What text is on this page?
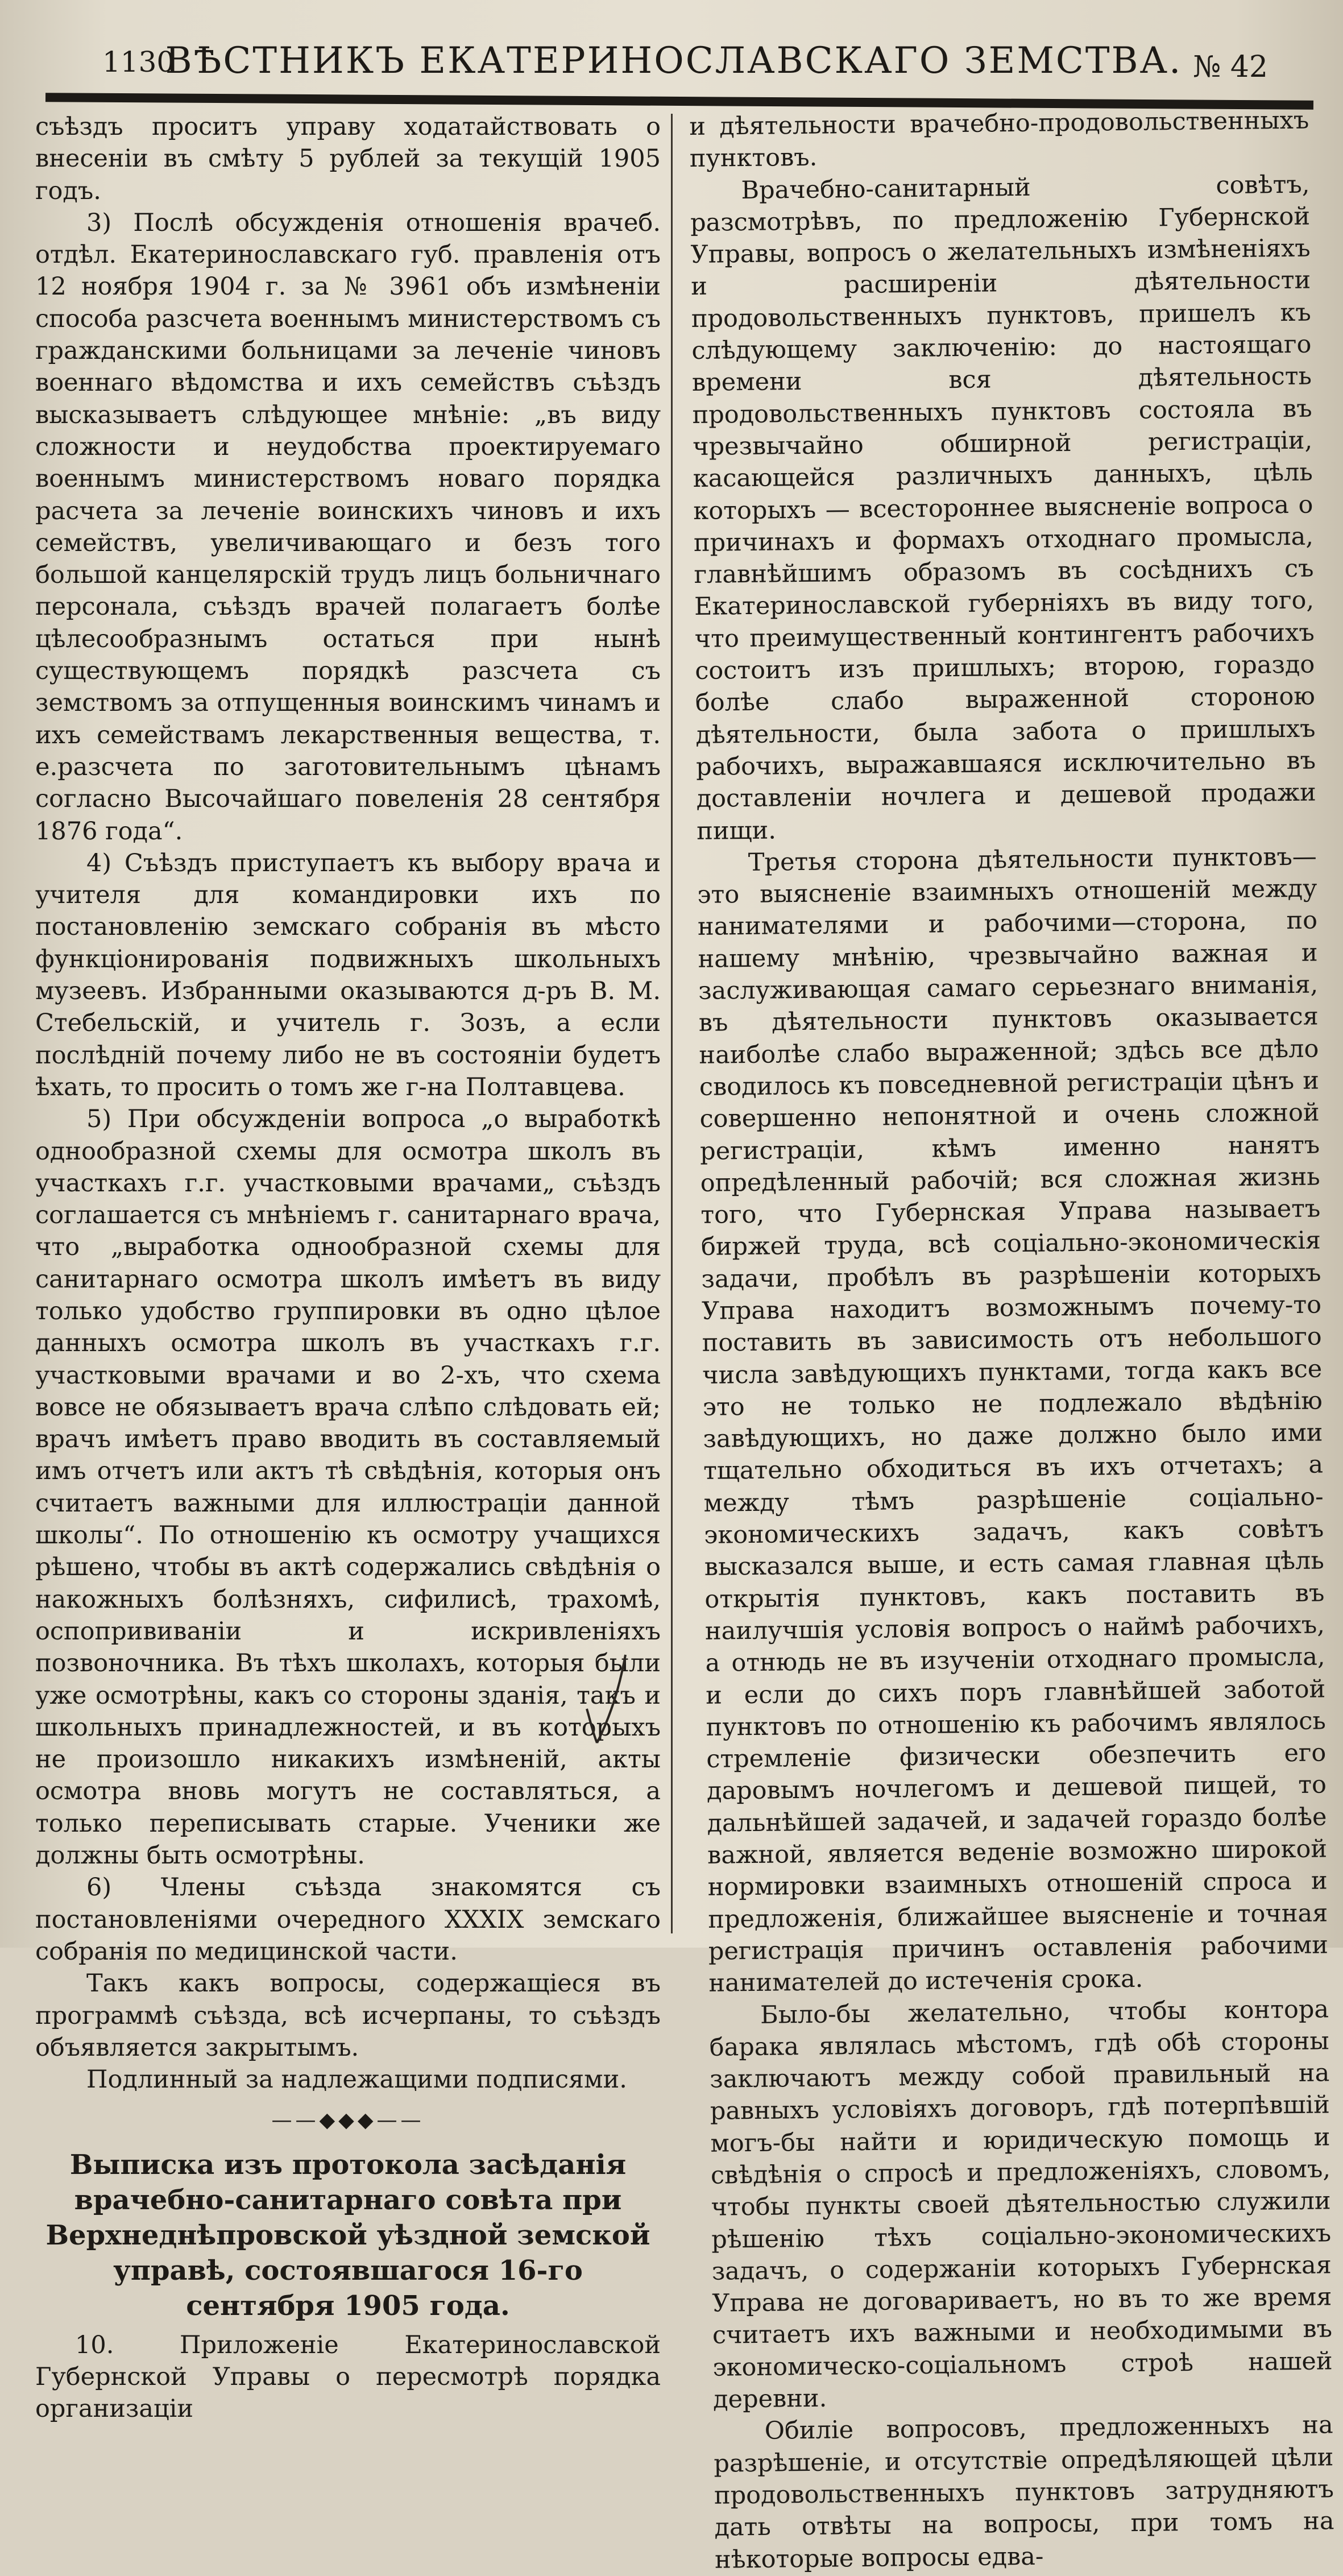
1130
ВѢСТНИКЪ ЕКАТЕРИНОСЛАВСКАГО ЗЕМСТВА. № 42

съѣздъ проситъ управу ходатайствовать о внесеніи въ смѣту 5 рублей за текущій 1905 годъ.

3) Послѣ обсужденія отношенія врачеб. отдѣл. Екатеринославскаго губ. правленія отъ 12 ноября 1904 г. за № 3961 объ измѣненіи способа разсчета военнымъ министерствомъ съ гражданскими больницами за леченіе чиновъ военнаго вѣдомства и ихъ семействъ съѣздъ высказываетъ слѣдующее мнѣніе: „въ виду сложности и неудобства проектируемаго военнымъ министерствомъ новаго порядка расчета за леченіе воинскихъ чиновъ и ихъ семействъ, увеличивающаго и безъ того большой канцелярскій трудъ лицъ больничнаго персонала, съѣздъ врачей полагаетъ болѣе цѣлесообразнымъ остаться при нынѣ существующемъ порядкѣ разсчета съ земствомъ за отпущенныя воинскимъ чинамъ и ихъ семействамъ лекарственныя вещества, т. е.разсчета по заготовительнымъ цѣнамъ согласно Высочайшаго повеленія 28 сентября 1876 года“.

4) Съѣздъ приступаетъ къ выбору врача и учителя для командировки ихъ по постановленію земскаго собранія въ мѣсто функціонированія подвижныхъ школьныхъ музеевъ. Избранными оказываются д-ръ В. М. Стебельскій, и учитель г. Зозъ, а если послѣдній почему либо не въ состояніи будетъ ѣхать, то просить о томъ же г-на Полтавцева.

5) При обсужденіи вопроса „о выработкѣ однообразной схемы для осмотра школъ въ участкахъ г.г. участковыми врачами„ съѣздъ соглашается съ мнѣніемъ г. санитарнаго врача, что „выработка однообразной схемы для санитарнаго осмотра школъ имѣетъ въ виду только удобство группировки въ одно цѣлое данныхъ осмотра школъ въ участкахъ г.г. участковыми врачами и во 2-хъ, что схема вовсе не обязываетъ врача слѣпо слѣдовать ей; врачъ имѣетъ право вводить въ составляемый имъ отчетъ или актъ тѣ свѣдѣнія, которыя онъ считаетъ важными для иллюстраціи данной школы“. По отношенію къ осмотру учащихся рѣшено, чтобы въ актѣ содержались свѣдѣнія о накожныхъ болѣзняхъ, сифилисѣ, трахомѣ, оспопрививаніи и искривленіяхъ позвоночника. Въ тѣхъ школахъ, которыя были уже осмотрѣны, какъ со стороны зданія, такъ и школьныхъ принадлежностей, и въ которыхъ не произошло никакихъ измѣненій, акты осмотра вновь могутъ не составляться, а только переписывать старые. Ученики же должны быть осмотрѣны.

6) Члены съѣзда знакомятся съ постановленіями очередного XXXIX земскаго собранія по медицинской части.

Такъ какъ вопросы, содержащіеся въ программѣ съѣзда, всѣ исчерпаны, то съѣздъ объявляется закрытымъ.

Подлинный за надлежащими подписями.

——◆◆◆——
Выписка изъ протокола засѣданія врачебно-санитарнаго совѣта при Верхнеднѣпровской уѣздной земской управѣ, состоявшагося 16-го сентября 1905 года.

10. Приложеніе Екатеринославской Губернской Управы о пересмотрѣ порядка организаціи

и дѣятельности врачебно-продовольственныхъ пунктовъ.

Врачебно-санитарный совѣтъ, разсмотрѣвъ, по предложенію Губернской Управы, вопросъ о желательныхъ измѣненіяхъ и расширеніи дѣятельности продовольственныхъ пунктовъ, пришелъ къ слѣдующему заключенію: до настоящаго времени вся дѣятельность продовольственныхъ пунктовъ состояла въ чрезвычайно обширной регистраціи, касающейся различныхъ данныхъ, цѣль которыхъ — всестороннее выясненіе вопроса о причинахъ и формахъ отходнаго промысла, главнѣйшимъ образомъ въ сосѣднихъ съ Екатеринославской губерніяхъ въ виду того, что преимущественный контингентъ рабочихъ состоитъ изъ пришлыхъ; второю, гораздо болѣе слабо выраженной стороною дѣятельности, была забота о пришлыхъ рабочихъ, выражавшаяся исключительно въ доставленіи ночлега и дешевой продажи пищи.

Третья сторона дѣятельности пунктовъ—это выясненіе взаимныхъ отношеній между нанимателями и рабочими—сторона, по нашему мнѣнію, чрезвычайно важная и заслуживающая самаго серьезнаго вниманія, въ дѣятельности пунктовъ оказывается наиболѣе слабо выраженной; здѣсь все дѣло сводилось къ повседневной регистраціи цѣнъ и совершенно непонятной и очень сложной регистраціи, кѣмъ именно нанятъ опредѣленный рабочій; вся сложная жизнь того, что Губернская Управа называетъ биржей труда, всѣ соціально-экономическія задачи, пробѣлъ въ разрѣшеніи которыхъ Управа находитъ возможнымъ почему-то поставить въ зависимость отъ небольшого числа завѣдующихъ пунктами, тогда какъ все это не только не подлежало вѣдѣнію завѣдующихъ, но даже должно было ими тщательно обходиться въ ихъ отчетахъ; а между тѣмъ разрѣшеніе соціально-экономическихъ задачъ, какъ совѣтъ высказался выше, и есть самая главная цѣль открытія пунктовъ, какъ поставить въ наилучшія условія вопросъ о наймѣ рабочихъ, а отнюдь не въ изученіи отходнаго промысла, и если до сихъ поръ главнѣйшей заботой пунктовъ по отношенію къ рабочимъ являлось стремленіе физически обезпечить его даровымъ ночлегомъ и дешевой пищей, то дальнѣйшей задачей, и задачей гораздо болѣе важной, является веденіе возможно широкой нормировки взаимныхъ отношеній спроса и предложенія, ближайшее выясненіе и точная регистрація причинъ оставленія рабочими нанимателей до истеченія срока.

Было-бы желательно, чтобы контора барака являлась мѣстомъ, гдѣ обѣ стороны заключаютъ между собой правильный на равныхъ условіяхъ договоръ, гдѣ потерпѣвшій могъ-бы найти и юридическую помощь и свѣдѣнія о спросѣ и предложеніяхъ, словомъ, чтобы пункты своей дѣятельностью служили рѣшенію тѣхъ соціально-экономическихъ задачъ, о содержаніи которыхъ Губернская Управа не договариваетъ, но въ то же время считаетъ ихъ важными и необходимыми въ экономическо-соціальномъ строѣ нашей деревни.

Обиліе вопросовъ, предложенныхъ на разрѣшеніе, и отсутствіе опредѣляющей цѣли продовольственныхъ пунктовъ затрудняютъ дать отвѣты на вопросы, при томъ на нѣкоторые вопросы едва-
